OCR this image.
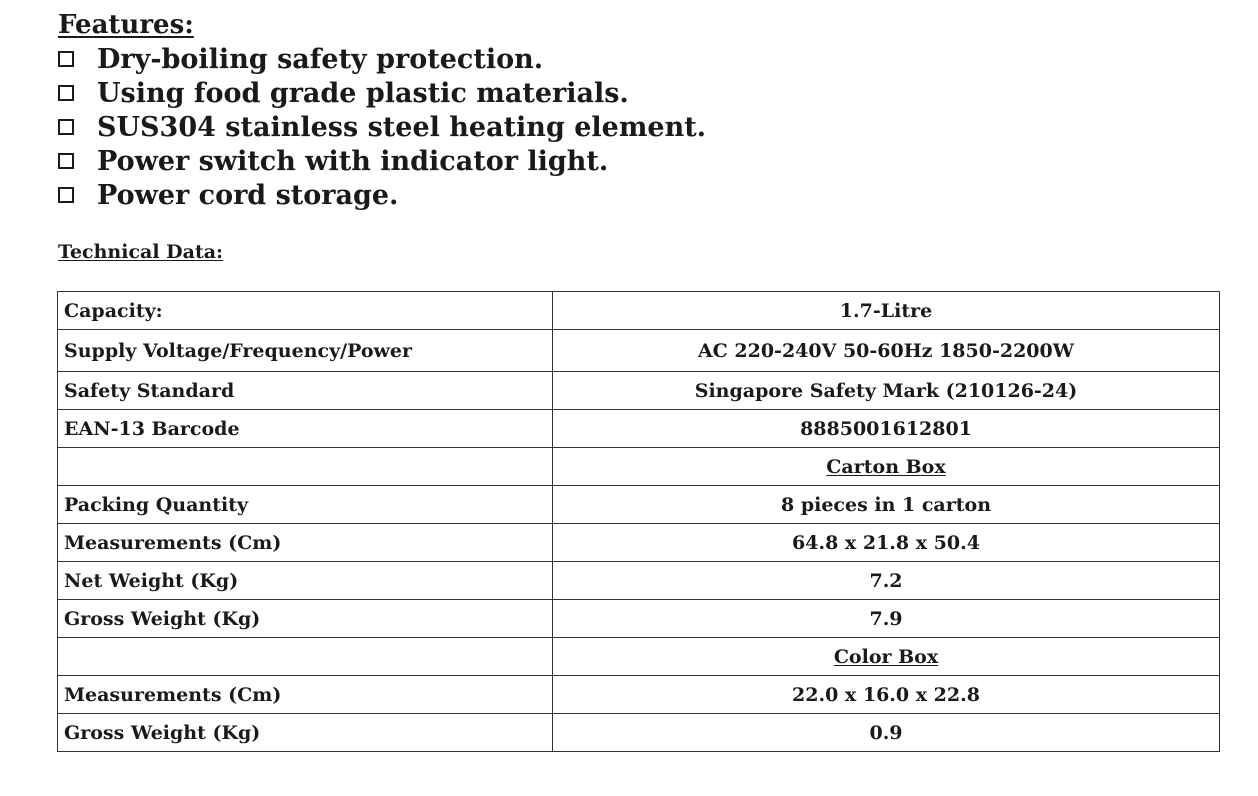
Features:
Dry-boiling safety protection.
Using food grade plastic materials.
SUS304 stainless steel heating element.
Power switch with indicator light.
Power cord storage.
Technical Data:
Capacity:	1.7-Litre
Supply Voltage/Frequency/Power	AC 220-240V 50-60Hz 1850-2200W
Safety Standard	Singapore Safety Mark (210126-24)
EAN-13 Barcode	8885001612801
	Carton Box
Packing Quantity	8 pieces in 1 carton
Measurements (Cm)	64.8 x 21.8 x 50.4
Net Weight (Kg)	7.2
Gross Weight (Kg)	7.9
	Color Box
Measurements (Cm)	22.0 x 16.0 x 22.8
Gross Weight (Kg)	0.9
